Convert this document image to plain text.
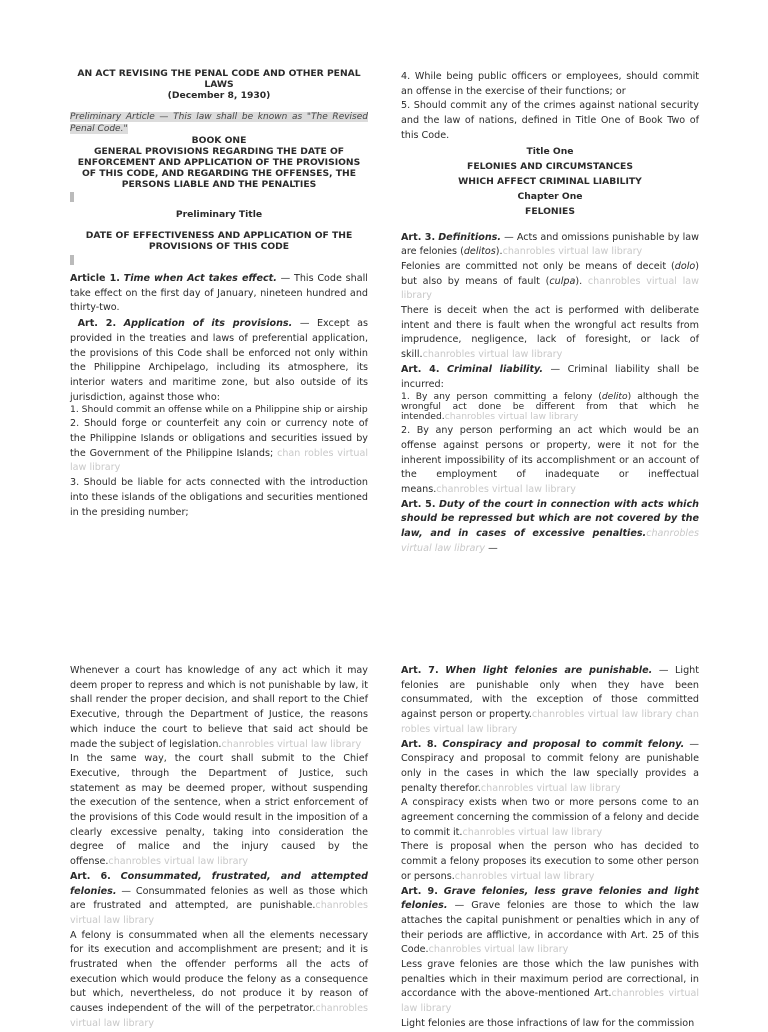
AN ACT REVISING THE PENAL CODE AND OTHER PENAL LAWS

(December 8, 1930)

Preliminary Article — This law shall be known as "The Revised Penal Code."

BOOK ONE

GENERAL PROVISIONS REGARDING THE DATE OF ENFORCEMENT AND APPLICATION OF THE PROVISIONS OF THIS CODE, AND REGARDING THE OFFENSES, THE PERSONS LIABLE AND THE PENALTIES

Preliminary Title

DATE OF EFFECTIVENESS AND APPLICATION OF THE PROVISIONS OF THIS CODE

Article 1. Time when Act takes effect. — This Code shall take effect on the first day of January, nineteen hundred and thirty-two.

Art. 2. Application of its provisions. — Except as provided in the treaties and laws of preferential application, the provisions of this Code shall be enforced not only within the Philippine Archipelago, including its atmosphere, its interior waters and maritime zone, but also outside of its jurisdiction, against those who:

1. Should commit an offense while on a Philippine ship or airship

2. Should forge or counterfeit any coin or currency note of the Philippine Islands or obligations and securities issued by the Government of the Philippine Islands; chan robles virtual law library

3. Should be liable for acts connected with the introduction into these islands of the obligations and securities mentioned in the presiding number;

4. While being public officers or employees, should commit an offense in the exercise of their functions; or

5. Should commit any of the crimes against national security and the law of nations, defined in Title One of Book Two of this Code.

Title One

FELONIES AND CIRCUMSTANCES

WHICH AFFECT CRIMINAL LIABILITY

Chapter One

FELONIES

Art. 3. Definitions. — Acts and omissions punishable by law are felonies (delitos).chanrobles virtual law library

Felonies are committed not only be means of deceit (dolo) but also by means of fault (culpa). chanrobles virtual law library

There is deceit when the act is performed with deliberate intent and there is fault when the wrongful act results from imprudence, negligence, lack of foresight, or lack of skill.chanrobles virtual law library

Art. 4. Criminal liability. — Criminal liability shall be incurred:

1. By any person committing a felony (delito) although the wrongful act done be different from that which he intended.chanrobles virtual law library

2. By any person performing an act which would be an offense against persons or property, were it not for the inherent impossibility of its accomplishment or an account of the employment of inadequate or ineffectual means.chanrobles virtual law library

Art. 5. Duty of the court in connection with acts which should be repressed but which are not covered by the law, and in cases of excessive penalties.chanrobles virtual law library —

Whenever a court has knowledge of any act which it may deem proper to repress and which is not punishable by law, it shall render the proper decision, and shall report to the Chief Executive, through the Department of Justice, the reasons which induce the court to believe that said act should be made the subject of legislation.chanrobles virtual law library

In the same way, the court shall submit to the Chief Executive, through the Department of Justice, such statement as may be deemed proper, without suspending the execution of the sentence, when a strict enforcement of the provisions of this Code would result in the imposition of a clearly excessive penalty, taking into consideration the degree of malice and the injury caused by the offense.chanrobles virtual law library

Art. 6. Consummated, frustrated, and attempted felonies. — Consummated felonies as well as those which are frustrated and attempted, are punishable.chanrobles virtual law library

A felony is consummated when all the elements necessary for its execution and accomplishment are present; and it is frustrated when the offender performs all the acts of execution which would produce the felony as a consequence but which, nevertheless, do not produce it by reason of causes independent of the will of the perpetrator.chanrobles virtual law library

Art. 7. When light felonies are punishable. — Light felonies are punishable only when they have been consummated, with the exception of those committed against person or property.chanrobles virtual law library chan robles virtual law library

Art. 8. Conspiracy and proposal to commit felony. — Conspiracy and proposal to commit felony are punishable only in the cases in which the law specially provides a penalty therefor.chanrobles virtual law library

A conspiracy exists when two or more persons come to an agreement concerning the commission of a felony and decide to commit it.chanrobles virtual law library

There is proposal when the person who has decided to commit a felony proposes its execution to some other person or persons.chanrobles virtual law library

Art. 9. Grave felonies, less grave felonies and light felonies. — Grave felonies are those to which the law attaches the capital punishment or penalties which in any of their periods are afflictive, in accordance with Art. 25 of this Code.chanrobles virtual law library

Less grave felonies are those which the law punishes with penalties which in their maximum period are correctional, in accordance with the above-mentioned Art.chanrobles virtual law library

Light felonies are those infractions of law for the commission
